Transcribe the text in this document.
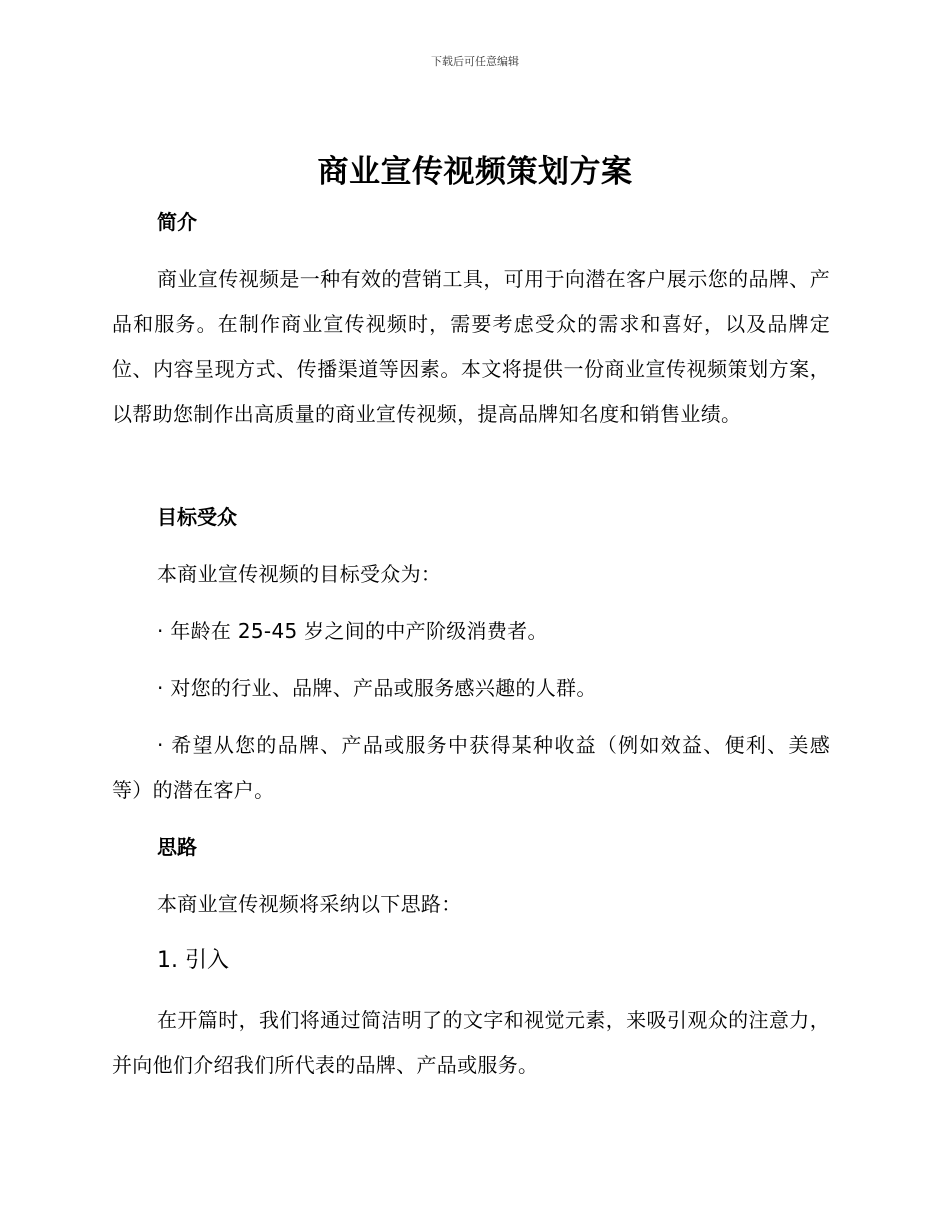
下载后可任意编辑
商业宣传视频策划方案
简介
商业宣传视频是一种有效的营销工具，可用于向潜在客户展示您的品牌、产品和服务。在制作商业宣传视频时，需要考虑受众的需求和喜好，以及品牌定位、内容呈现方式、传播渠道等因素。本文将提供一份商业宣传视频策划方案，以帮助您制作出高质量的商业宣传视频，提高品牌知名度和销售业绩。
目标受众
本商业宣传视频的目标受众为：
· 年龄在 25-45 岁之间的中产阶级消费者。
· 对您的行业、品牌、产品或服务感兴趣的人群。
· 希望从您的品牌、产品或服务中获得某种收益（例如效益、便利、美感等）的潜在客户。
思路
本商业宣传视频将采纳以下思路：
1. 引入
在开篇时，我们将通过简洁明了的文字和视觉元素，来吸引观众的注意力，并向他们介绍我们所代表的品牌、产品或服务。
